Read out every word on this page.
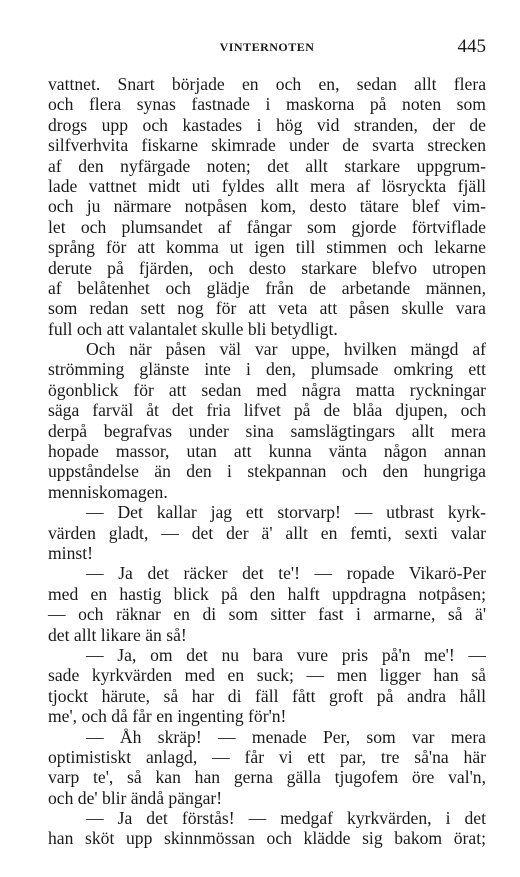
VINTERNOTEN	445
vattnet. Snart började en och en, sedan allt flera
och flera synas fastnade i maskorna på noten som
drogs upp och kastades i hög vid stranden, der de
silfverhvita fiskarne skimrade under de svarta strecken
af den nyfärgade noten; det allt starkare uppgrum-
lade vattnet midt uti fyldes allt mera af lösryckta fjäll
och ju närmare notpåsen kom, desto tätare blef vim-
let och plumsandet af fångar som gjorde förtviflade
språng för att komma ut igen till stimmen och lekarne
derute på fjärden, och desto starkare blefvo utropen
af belåtenhet och glädje från de arbetande männen,
som redan sett nog för att veta att påsen skulle vara
full och att valantalet skulle bli betydligt.
Och när påsen väl var uppe, hvilken mängd af
strömming glänste inte i den, plumsade omkring ett
ögonblick för att sedan med några matta ryckningar
säga farväl åt det fria lifvet på de blåa djupen, och
derpå begrafvas under sina samslägtingars allt mera
hopade massor, utan att kunna vänta någon annan
uppståndelse än den i stekpannan och den hungriga
menniskomagen.
— Det kallar jag ett storvarp! — utbrast kyrk-
värden gladt, — det der ä' allt en femti, sexti valar
minst!
— Ja det räcker det te'! — ropade Vikarö-Per
med en hastig blick på den halft uppdragna notpåsen;
— och räknar en di som sitter fast i armarne, så ä'
det allt likare än så!
— Ja, om det nu bara vure pris på'n me'! —
sade kyrkvärden med en suck; — men ligger han så
tjockt härute, så har di fäll fått groft på andra håll
me', och då får en ingenting för'n!
— Åh skräp! — menade Per, som var mera
optimistiskt anlagd, — får vi ett par, tre så'na här
varp te', så kan han gerna gälla tjugofem öre val'n,
och de' blir ändå pängar!
— Ja det förstås! — medgaf kyrkvärden, i det
han sköt upp skinnmössan och klädde sig bakom örat;
